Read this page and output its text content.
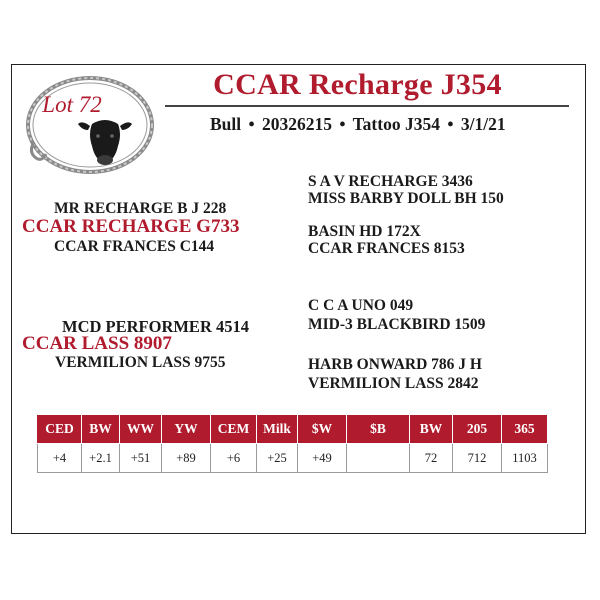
Lot 72
CCAR Recharge J354
Bull • 20326215 • Tattoo J354 • 3/1/21
S A V RECHARGE 3436
MISS BARBY DOLL BH 150
MR RECHARGE B J 228
CCAR RECHARGE G733	BASIN HD 172X
CCAR FRANCES C144	CCAR FRANCES 8153
C C A UNO 049
MID-3 BLACKBIRD 1509
MCD PERFORMER 4514
CCAR LASS 8907
VERMILION LASS 9755	HARB ONWARD 786 J H
VERMILION LASS 2842
CED	BW	WW	YW	CEM	Milk	$W	$B	BW	205	365
+4	+2.1	+51	+89	+6	+25	+49		72	712	1103
